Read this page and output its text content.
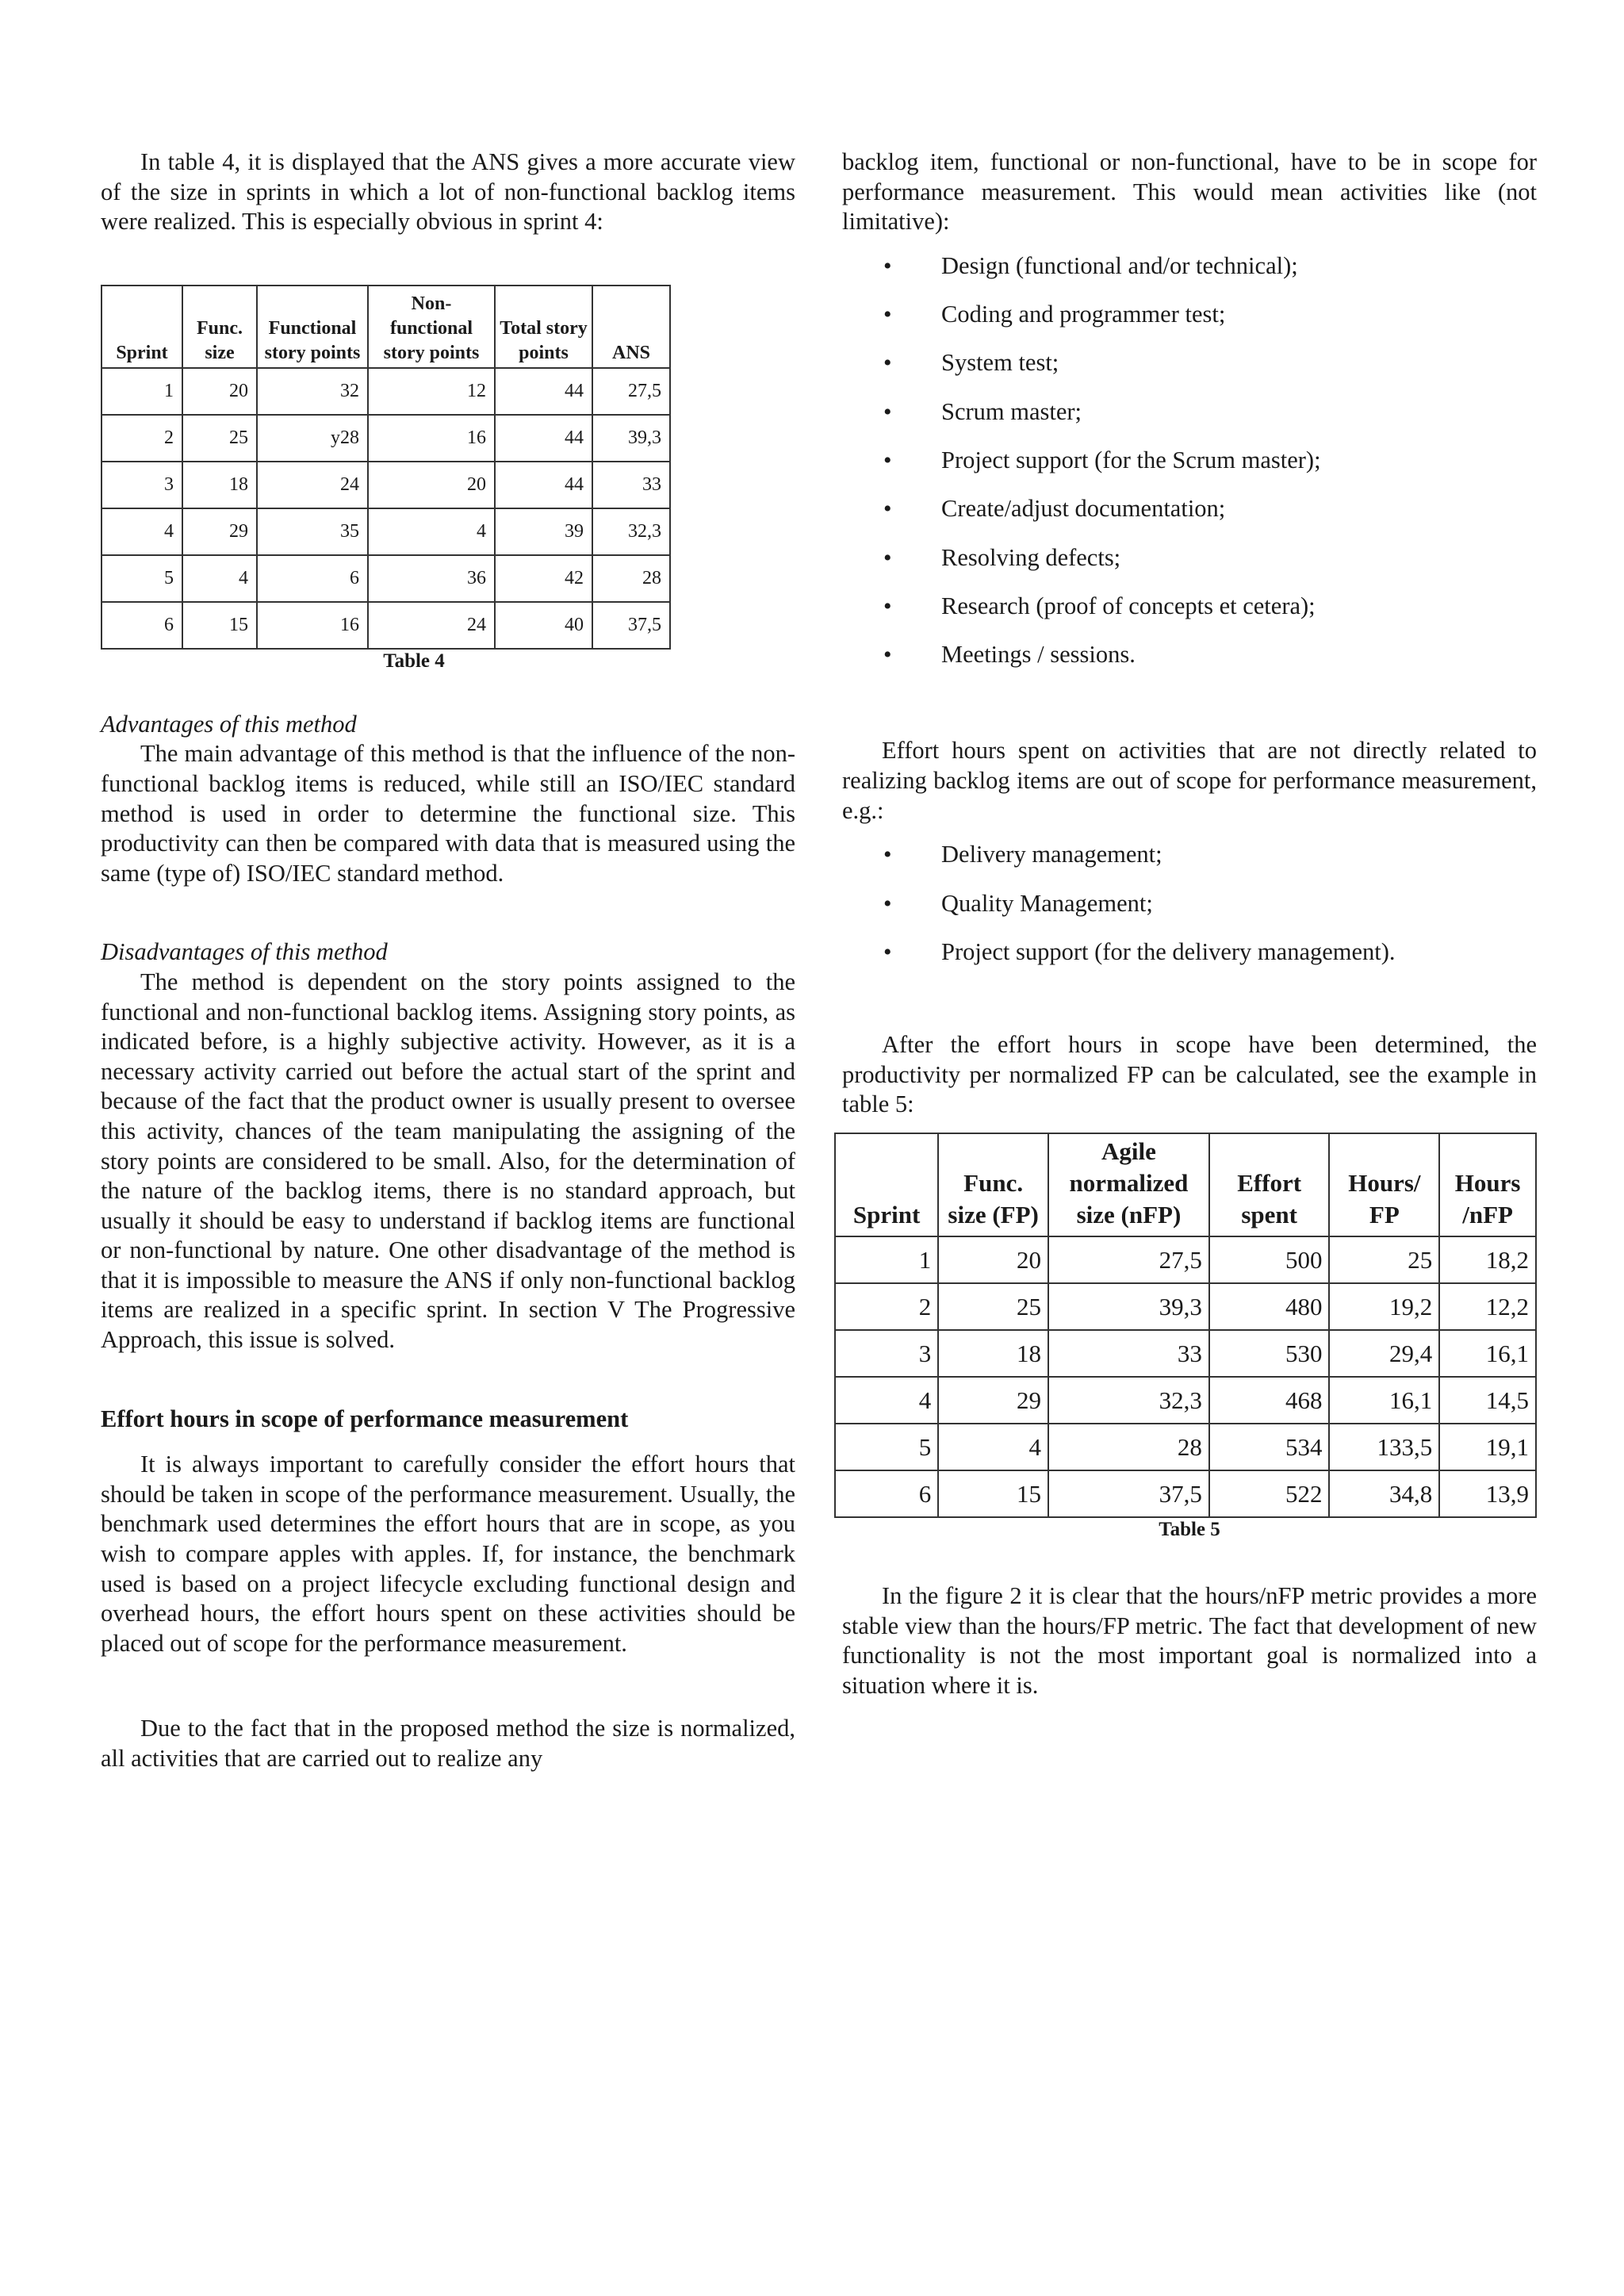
In table 4, it is displayed that the ANS gives a more accurate view of the size in sprints in which a lot of non-functional backlog items were realized. This is especially obvious in sprint 4:

Sprint	Func. size	Functional story points	Non-functional story points	Total story points	ANS
1	20	32	12	44	27,5
2	25	y28	16	44	39,3
3	18	24	20	44	33
4	29	35	4	39	32,3
5	4	6	36	42	28
6	15	16	24	40	37,5
Table 4
Advantages of this method

The main advantage of this method is that the influence of the non-functional backlog items is reduced, while still an ISO/IEC standard method is used in order to determine the functional size. This productivity can then be compared with data that is measured using the same (type of) ISO/IEC standard method.

Disadvantages of this method

The method is dependent on the story points assigned to the functional and non-functional backlog items. Assigning story points, as indicated before, is a highly subjective activity. However, as it is a necessary activity carried out before the actual start of the sprint and because of the fact that the product owner is usually present to oversee this activity, chances of the team manipulating the assigning of the story points are considered to be small. Also, for the determination of the nature of the backlog items, there is no standard approach, but usually it should be easy to understand if backlog items are functional or non-functional by nature. One other disadvantage of the method is that it is impossible to measure the ANS if only non-functional backlog items are realized in a specific sprint. In section V The Progressive Approach, this issue is solved.

Effort hours in scope of performance measurement

It is always important to carefully consider the effort hours that should be taken in scope of the performance measurement. Usually, the benchmark used determines the effort hours that are in scope, as you wish to compare apples with apples. If, for instance, the benchmark used is based on a project lifecycle excluding functional design and overhead hours, the effort hours spent on these activities should be placed out of scope for the performance measurement.

Due to the fact that in the proposed method the size is normalized, all activities that are carried out to realize any

backlog item, functional or non-functional, have to be in scope for performance measurement. This would mean activities like (not limitative):

• Design (functional and/or technical);
• Coding and programmer test;
• System test;
• Scrum master;
• Project support (for the Scrum master);
• Create/adjust documentation;
• Resolving defects;
• Research (proof of concepts et cetera);
• Meetings / sessions.

Effort hours spent on activities that are not directly related to realizing backlog items are out of scope for performance measurement, e.g.:

• Delivery management;
• Quality Management;
• Project support (for the delivery management).

After the effort hours in scope have been determined, the productivity per normalized FP can be calculated, see the example in table 5:

Sprint	Func. size (FP)	Agile normalized size (nFP)	Effort spent	Hours/ FP	Hours /nFP
1	20	27,5	500	25	18,2
2	25	39,3	480	19,2	12,2
3	18	33	530	29,4	16,1
4	29	32,3	468	16,1	14,5
5	4	28	534	133,5	19,1
6	15	37,5	522	34,8	13,9
Table 5

In the figure 2 it is clear that the hours/nFP metric provides a more stable view than the hours/FP metric. The fact that development of new functionality is not the most important goal is normalized into a situation where it is.
